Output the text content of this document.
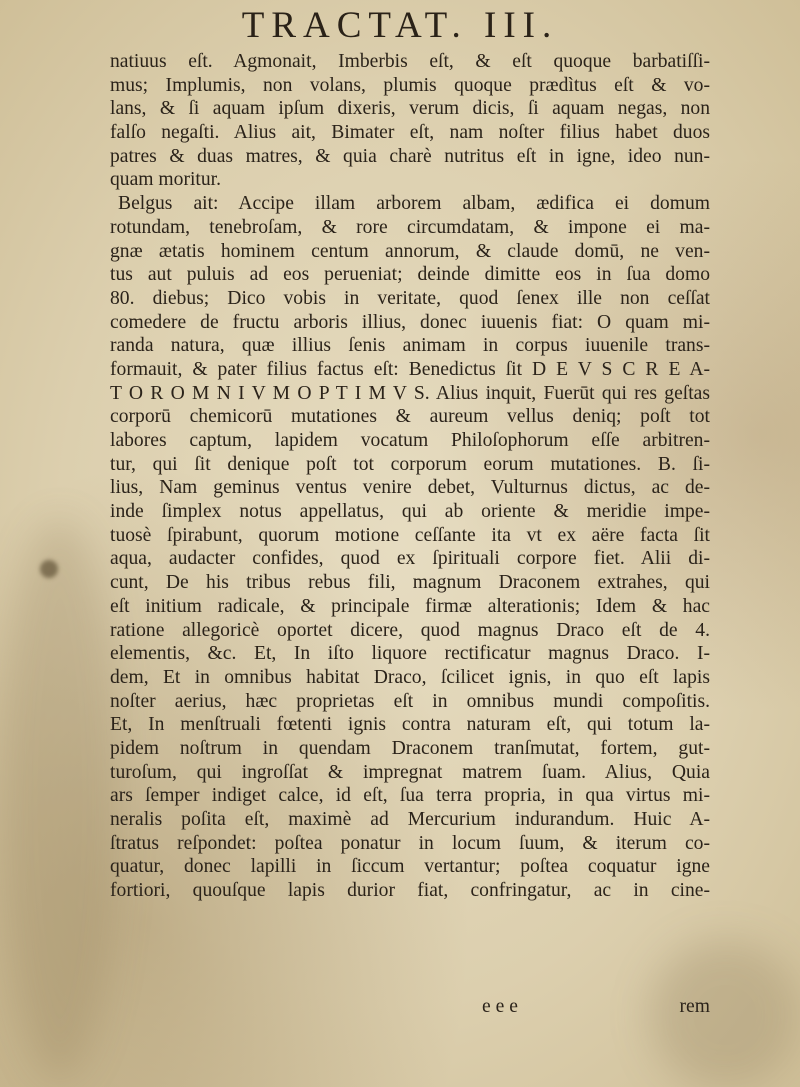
TRACTAT. III.
natiuus eſt. Agmonait, Imberbis eſt, & eſt quoque barbatiſſi-
mus; Implumis, non volans, plumis quoque prædìtus eſt & vo-
lans, & ſi aquam ipſum dixeris, verum dicis, ſi aquam negas, non
falſo negaſti. Alius ait, Bimater eſt, nam noſter filius habet duos
patres & duas matres, & quia charè nutritus eſt in igne, ideo nun-
quam moritur.
Belgus ait: Accipe illam arborem albam, ædifica ei domum
rotundam, tenebroſam, & rore circumdatam, & impone ei ma-
gnæ ætatis hominem centum annorum, & claude domū, ne ven-
tus aut puluis ad eos perueniat; deinde dimitte eos in ſua domo
80. diebus; Dico vobis in veritate, quod ſenex ille non ceſſat
comedere de fructu arboris illius, donec iuuenis fiat: O quam mi-
randa natura, quæ illius ſenis animam in corpus iuuenile trans-
formauit, & pater filius factus eſt: Benedictus ſit D E V S C R E A-
T O R O M N I V M O P T I M V S. Alius inquit, Fuerūt qui res geſtas
corporū chemicorū mutationes & aureum vellus deniq; poſt tot
labores captum, lapidem vocatum Philoſophorum eſſe arbitren-
tur, qui ſit denique poſt tot corporum eorum mutationes. B. ſi-
lius, Nam geminus ventus venire debet, Vulturnus dictus, ac de-
inde ſimplex notus appellatus, qui ab oriente & meridie impe-
tuosè ſpirabunt, quorum motione ceſſante ita vt ex aëre facta ſit
aqua, audacter confides, quod ex ſpirituali corpore fiet. Alii di-
cunt, De his tribus rebus fili, magnum Draconem extrahes, qui
eſt initium radicale, & principale firmæ alterationis; Idem & hac
ratione allegoricè oportet dicere, quod magnus Draco eſt de 4.
elementis, &c. Et, In iſto liquore rectificatur magnus Draco. I-
dem, Et in omnibus habitat Draco, ſcilicet ignis, in quo eſt lapis
noſter aerius, hæc proprietas eſt in omnibus mundi compoſitis.
Et, In menſtruali fœtenti ignis contra naturam eſt, qui totum la-
pidem noſtrum in quendam Draconem tranſmutat, fortem, gut-
turoſum, qui ingroſſat & impregnat matrem ſuam. Alius, Quia
ars ſemper indiget calce, id eſt, ſua terra propria, in qua virtus mi-
neralis poſita eſt, maximè ad Mercurium indurandum. Huic A-
ſtratus reſpondet: poſtea ponatur in locum ſuum, & iterum co-
quatur, donec lapilli in ſiccum vertantur; poſtea coquatur igne
fortiori, quouſque lapis durior fiat, confringatur, ac in cine-
e e e	rem
